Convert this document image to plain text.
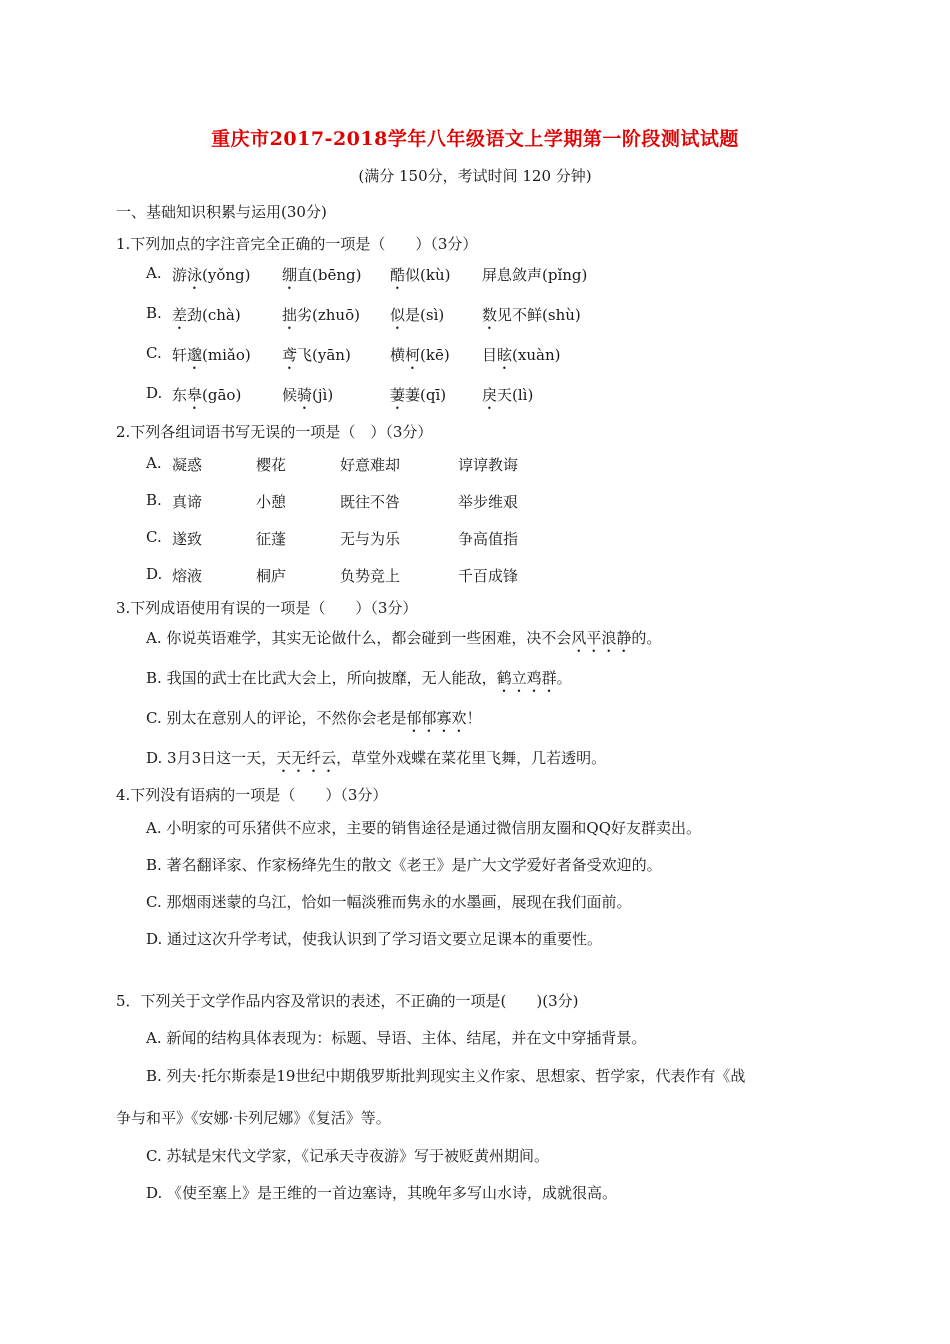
重庆市2017-2018学年八年级语文上学期第一阶段测试试题
(满分 150分，考试时间 120 分钟)
一、基础知识积累与运用(30分)
1.下列加点的字注音完全正确的一项是（　　）（3分）
A. 游泳(yǒng) 绷直(bēng) 酷似(kù) 屏息敛声(pǐng)
B. 差劲(chà)	拙劣(zhuō) 似是(sì)	数见不鲜(shù)
C. 轩邈(miǎo) 鸢飞(yān)	横柯(kē) 目眩(xuàn)
D. 东皋(gāo)	候骑(jì)	萋萋(qī) 戾天(lì)
2.下列各组词语书写无误的一项是（　）（3分）
A. 凝惑	樱花	好意难却	谆谆教诲
B. 真谛	小憩	既往不咎	举步维艰
C. 遂致	征蓬	无与为乐	争高值指
D. 熔液	桐庐	负势竞上	千百成锋
3.下列成语使用有误的一项是（　　）（3分）
A. 你说英语难学，其实无论做什么，都会碰到一些困难，决不会风平浪静的。
B. 我国的武士在比武大会上，所向披靡，无人能敌，鹤立鸡群。
C. 别太在意别人的评论，不然你会老是郁郁寡欢！
D. 3月3日这一天，天无纤云，草堂外戏蝶在菜花里飞舞，几若透明。
4.下列没有语病的一项是（　　）（3分）
A. 小明家的可乐猪供不应求，主要的销售途径是通过微信朋友圈和QQ好友群卖出。
B. 著名翻译家、作家杨绛先生的散文《老王》是广大文学爱好者备受欢迎的。
C. 那烟雨迷蒙的乌江，恰如一幅淡雅而隽永的水墨画，展现在我们面前。
D. 通过这次升学考试，使我认识到了学习语文要立足课本的重要性。
5．下列关于文学作品内容及常识的表述，不正确的一项是(　　)(3分)
A. 新闻的结构具体表现为：标题、导语、主体、结尾，并在文中穿插背景。
B. 列夫·托尔斯泰是19世纪中期俄罗斯批判现实主义作家、思想家、哲学家，代表作有《战
争与和平》《安娜·卡列尼娜》《复活》等。
C. 苏轼是宋代文学家，《记承天寺夜游》写于被贬黄州期间。
D. 《使至塞上》是王维的一首边塞诗，其晚年多写山水诗，成就很高。
